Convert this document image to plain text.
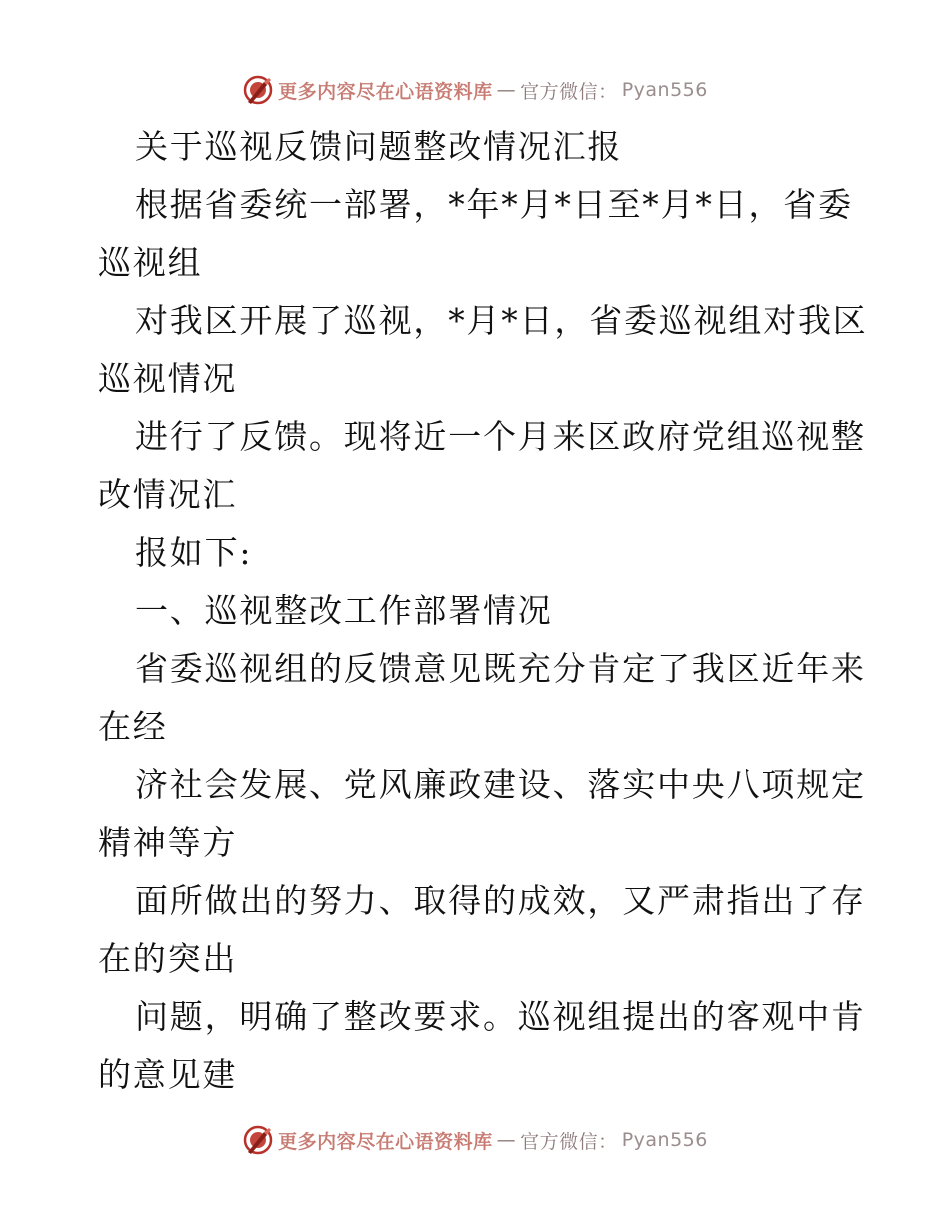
更多内容尽在心语资料库 — 官方微信： Pyan556
关于巡视反馈问题整改情况汇报
根据省委统一部署，*年*月*日至*月*日，省委
巡视组
对我区开展了巡视，*月*日，省委巡视组对我区
巡视情况
进行了反馈。现将近一个月来区政府党组巡视整
改情况汇
报如下:
一、巡视整改工作部署情况
省委巡视组的反馈意见既充分肯定了我区近年来
在经
济社会发展、党风廉政建设、落实中央八项规定
精神等方
面所做出的努力、取得的成效，又严肃指出了存
在的突出
问题，明确了整改要求。巡视组提出的客观中肯
的意见建
更多内容尽在心语资料库 — 官方微信： Pyan556
